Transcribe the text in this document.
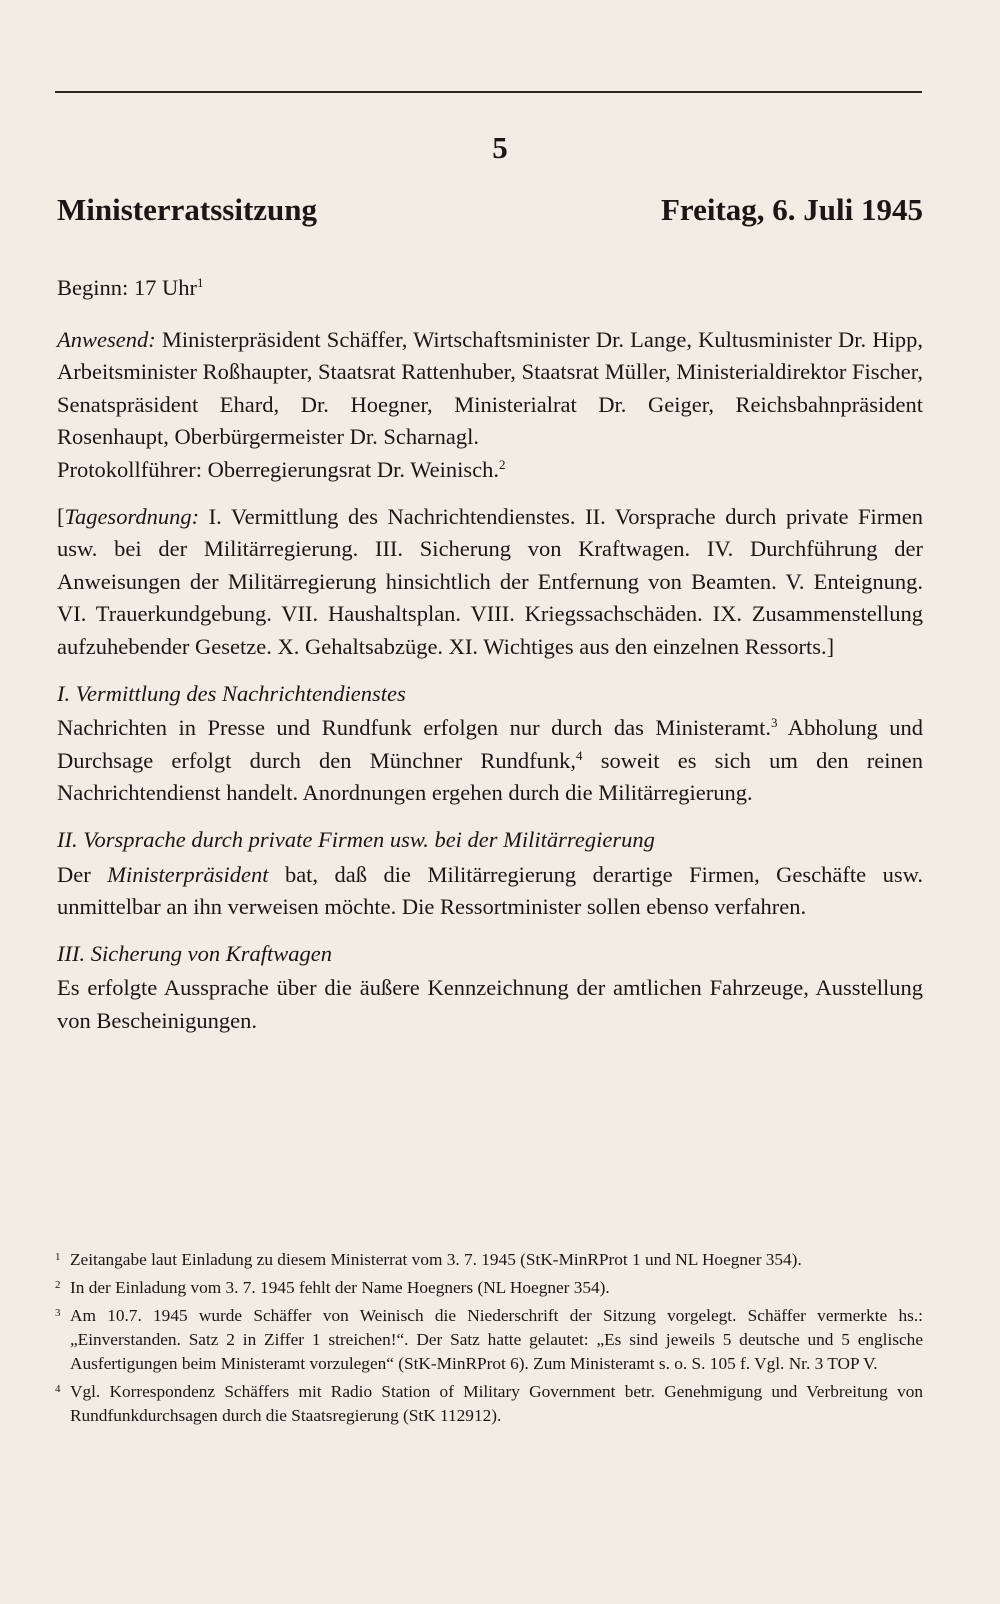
5
Ministerratssitzung	Freitag, 6. Juli 1945

Beginn: 17 Uhr$^1$

Anwesend: Ministerpräsident Schäffer, Wirtschaftsminister Dr. Lange, Kultusminister Dr. Hipp, Arbeitsminister Roßhaupter, Staatsrat Rattenhuber, Staatsrat Müller, Ministerialdirektor Fischer, Senatspräsident Ehard, Dr. Hoegner, Ministerialrat Dr. Geiger, Reichsbahnpräsident Rosenhaupt, Oberbürgermeister Dr. Scharnagl.

Protokollführer: Oberregierungsrat Dr. Weinisch.$^2$

[Tagesordnung: I. Vermittlung des Nachrichtendienstes. II. Vorsprache durch private Firmen usw. bei der Militärregierung. III. Sicherung von Kraftwagen. IV. Durchführung der Anweisungen der Militärregierung hinsichtlich der Entfernung von Beamten. V. Enteignung. VI. Trauerkundgebung. VII. Haushaltsplan. VIII. Kriegssachschäden. IX. Zusammenstellung aufzuhebender Gesetze. X. Gehaltsabzüge. XI. Wichtiges aus den einzelnen Ressorts.]

I. Vermittlung des Nachrichtendienstes

Nachrichten in Presse und Rundfunk erfolgen nur durch das Ministeramt.$^3$ Abholung und Durchsage erfolgt durch den Münchner Rundfunk,$^4$ soweit es sich um den reinen Nachrichtendienst handelt. Anordnungen ergehen durch die Militärregierung.

II. Vorsprache durch private Firmen usw. bei der Militärregierung

Der Ministerpräsident bat, daß die Militärregierung derartige Firmen, Geschäfte usw. unmittelbar an ihn verweisen möchte. Die Ressortminister sollen ebenso verfahren.

III. Sicherung von Kraftwagen

Es erfolgte Aussprache über die äußere Kennzeichnung der amtlichen Fahrzeuge, Ausstellung von Bescheinigungen.

1 Zeitangabe laut Einladung zu diesem Ministerrat vom 3. 7. 1945 (StK-MinRProt 1 und NL Hoegner 354).
2 In der Einladung vom 3. 7. 1945 fehlt der Name Hoegners (NL Hoegner 354).
3 Am 10.7. 1945 wurde Schäffer von Weinisch die Niederschrift der Sitzung vorgelegt. Schäffer vermerkte hs.: „Einverstanden. Satz 2 in Ziffer 1 streichen!“. Der Satz hatte gelautet: „Es sind jeweils 5 deutsche und 5 englische Ausfertigungen beim Ministeramt vorzulegen“ (StK-MinRProt 6). Zum Ministeramt s. o. S. 105 f. Vgl. Nr. 3 TOP V.
4 Vgl. Korrespondenz Schäffers mit Radio Station of Military Government betr. Genehmigung und Verbreitung von Rundfunkdurchsagen durch die Staatsregierung (StK 112912).
